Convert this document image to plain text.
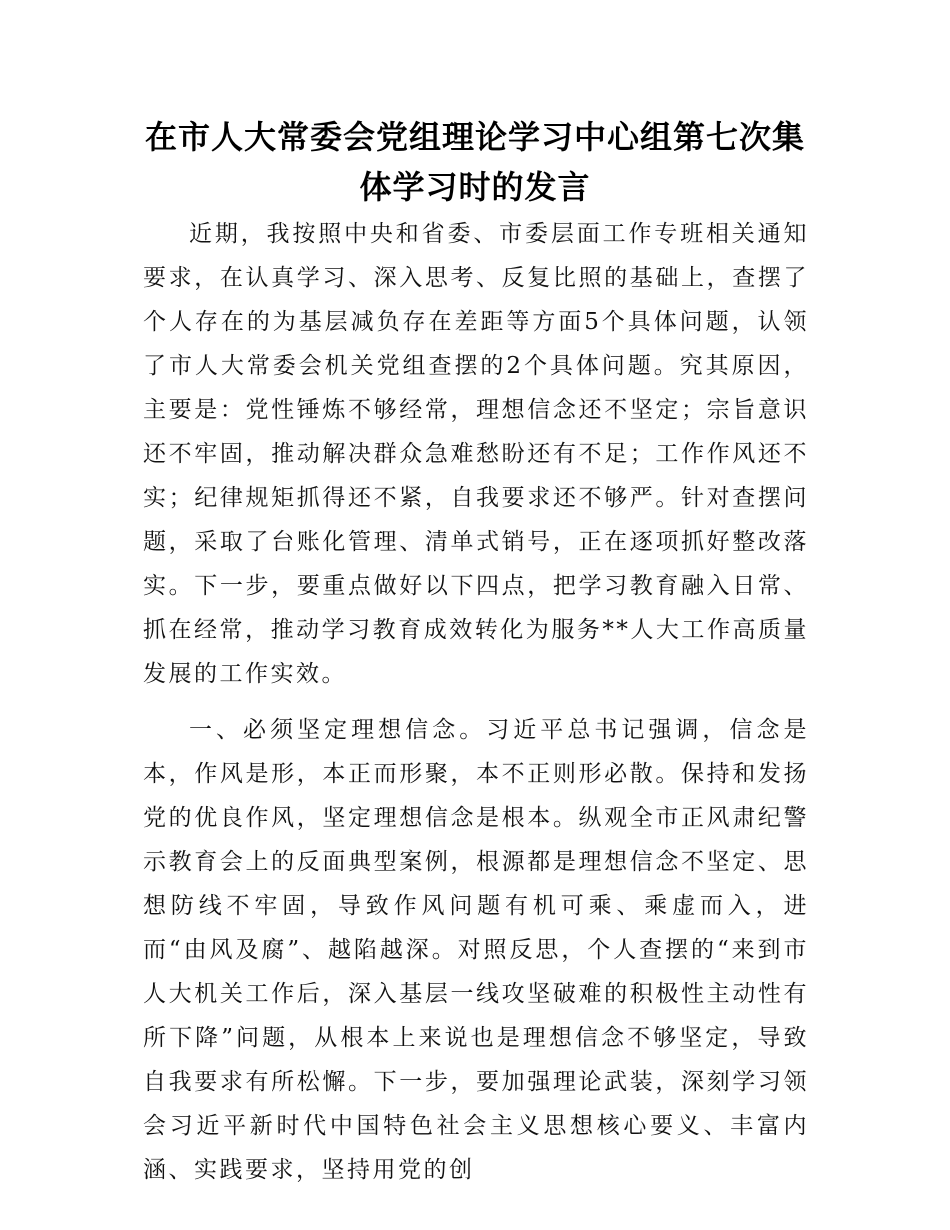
在市人大常委会党组理论学习中心组第七次集体学习时的发言

近期，我按照中央和省委、市委层面工作专班相关通知要求，在认真学习、深入思考、反复比照的基础上，查摆了个人存在的为基层减负存在差距等方面5个具体问题，认领了市人大常委会机关党组查摆的2个具体问题。究其原因，主要是：党性锤炼不够经常，理想信念还不坚定；宗旨意识还不牢固，推动解决群众急难愁盼还有不足；工作作风还不实；纪律规矩抓得还不紧，自我要求还不够严。针对查摆问题，采取了台账化管理、清单式销号，正在逐项抓好整改落实。下一步，要重点做好以下四点，把学习教育融入日常、抓在经常，推动学习教育成效转化为服务**人大工作高质量发展的工作实效。

一、必须坚定理想信念。习近平总书记强调，信念是本，作风是形，本正而形聚，本不正则形必散。保持和发扬党的优良作风，坚定理想信念是根本。纵观全市正风肃纪警示教育会上的反面典型案例，根源都是理想信念不坚定、思想防线不牢固，导致作风问题有机可乘、乘虚而入，进而“由风及腐”、越陷越深。对照反思，个人查摆的“来到市人大机关工作后，深入基层一线攻坚破难的积极性主动性有所下降”问题，从根本上来说也是理想信念不够坚定，导致自我要求有所松懈。下一步，要加强理论武装，深刻学习领会习近平新时代中国特色社会主义思想核心要义、丰富内涵、实践要求，坚持用党的创
